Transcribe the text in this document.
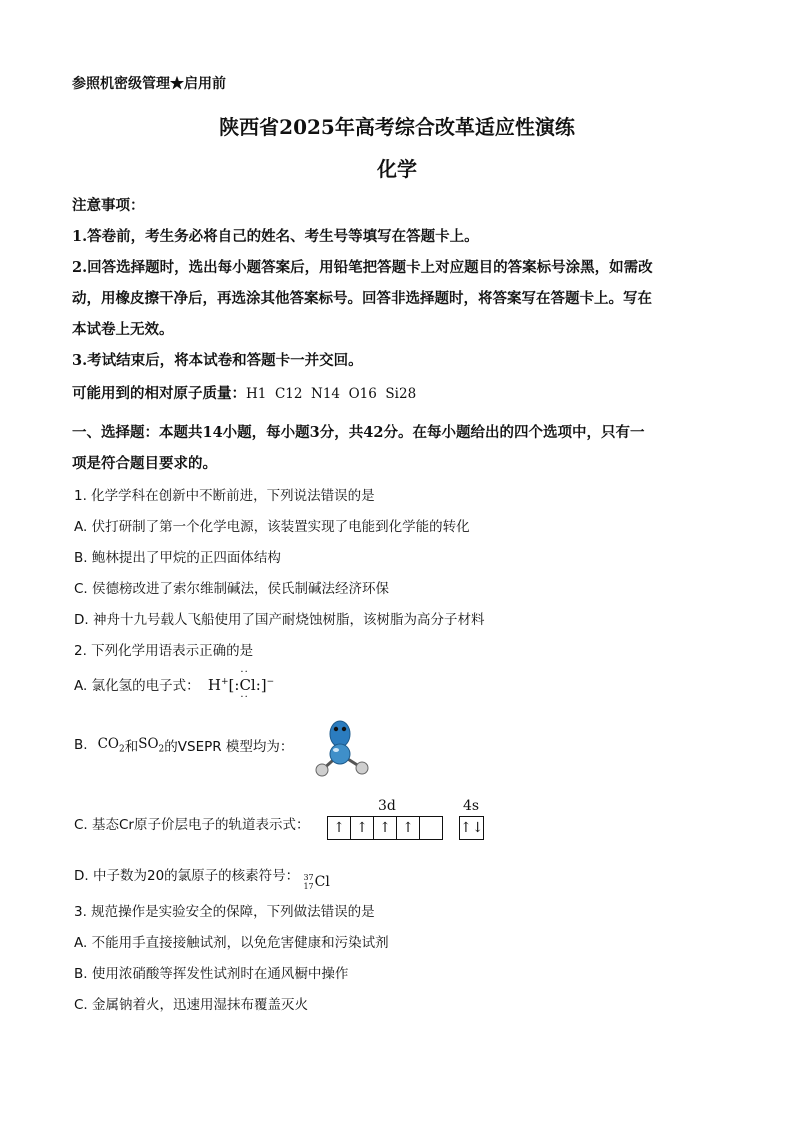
参照机密级管理★启用前
陕西省2025年高考综合改革适应性演练
化学
注意事项：
1.答卷前，考生务必将自己的姓名、考生号等填写在答题卡上。
2.回答选择题时，选出每小题答案后，用铅笔把答题卡上对应题目的答案标号涂黑，如需改
动，用橡皮擦干净后，再选涂其他答案标号。回答非选择题时，将答案写在答题卡上。写在
本试卷上无效。
3.考试结束后，将本试卷和答题卡一并交回。
可能用到的相对原子质量：H1  C12  N14  O16  Si28
一、选择题：本题共14小题，每小题3分，共42分。在每小题给出的四个选项中，只有一
项是符合题目要求的。
1. 化学学科在创新中不断前进，下列说法错误的是
A. 伏打研制了第一个化学电源，该装置实现了电能到化学能的转化
B. 鲍林提出了甲烷的正四面体结构
C. 侯德榜改进了索尔维制碱法，侯氏制碱法经济环保
D. 神舟十九号载人飞船使用了国产耐烧蚀树脂，该树脂为高分子材料
2. 下列化学用语表示正确的是
A. 氯化氢的电子式： H+[
··
:Cl:
··
]−
B. $CO_2$ 和 $SO_2$ 的VSEPR 模型均为：
3d	4s
C. 基态Cr原子价层电子的轨道表示式： ↑	↑	↑	↑		↑↓
D. 中子数为20的氯原子的核素符号： 37
17 Cl
3. 规范操作是实验安全的保障，下列做法错误的是
A. 不能用手直接接触试剂，以免危害健康和污染试剂
B. 使用浓硝酸等挥发性试剂时在通风橱中操作
C. 金属钠着火，迅速用湿抹布覆盖灭火
